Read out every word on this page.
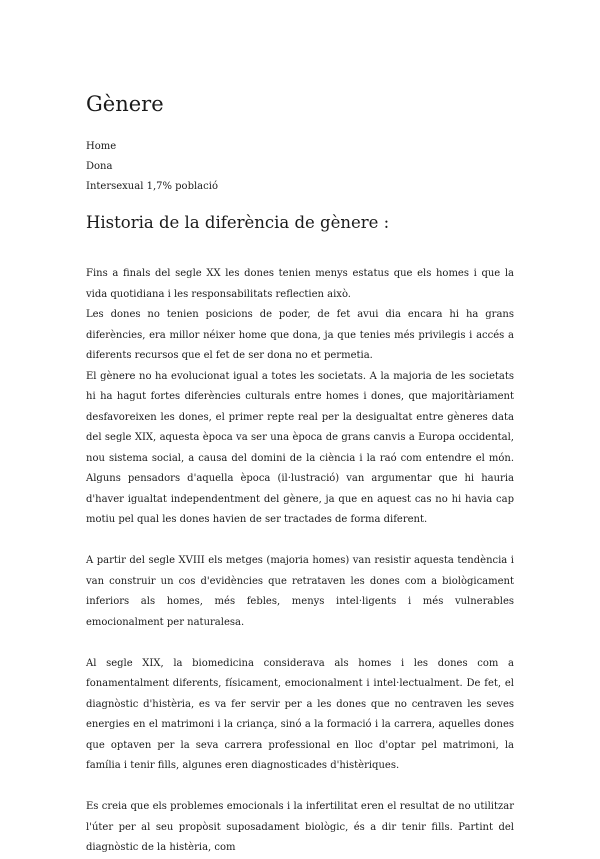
Gènere
Home
Dona
Intersexual 1,7% població
Historia de la diferència de gènere :

Fins a finals del segle XX les dones tenien menys estatus que els homes i que la vida quotidiana i les responsabilitats reflectien això.

Les dones no tenien posicions de poder, de fet avui dia encara hi ha grans diferències, era millor néixer home que dona, ja que tenies més privilegis i accés a diferents recursos que el fet de ser dona no et permetia.

El gènere no ha evolucionat igual a totes les societats. A la majoria de les societats hi ha hagut fortes diferències culturals entre homes i dones, que majoritàriament desfavoreixen les dones, el primer repte real per la desigualtat entre gèneres data del segle XIX, aquesta època va ser una època de grans canvis a Europa occidental, nou sistema social, a causa del domini de la ciència i la raó com entendre el món. Alguns pensadors d'aquella època (il·lustració) van argumentar que hi hauria d'haver igualtat independentment del gènere, ja que en aquest cas no hi havia cap motiu pel qual les dones havien de ser tractades de forma diferent.

A partir del segle XVIII els metges (majoria homes) van resistir aquesta tendència i van construir un cos d'evidències que retrataven les dones com a biològicament inferiors als homes, més febles, menys intel·ligents i més vulnerables emocionalment per naturalesa.

Al segle XIX, la biomedicina considerava als homes i les dones com a fonamentalment diferents, físicament, emocionalment i intel·lectualment. De fet, el diagnòstic d'histèria, es va fer servir per a les dones que no centraven les seves energies en el matrimoni i la criança, sinó a la formació i la carrera, aquelles dones que optaven per la seva carrera professional en lloc d'optar pel matrimoni, la família i tenir fills, algunes eren diagnosticades d'histèriques.

Es creia que els problemes emocionals i la infertilitat eren el resultat de no utilitzar l'úter per al seu propòsit suposadament biològic, és a dir tenir fills. Partint del diagnòstic de la histèria, com
